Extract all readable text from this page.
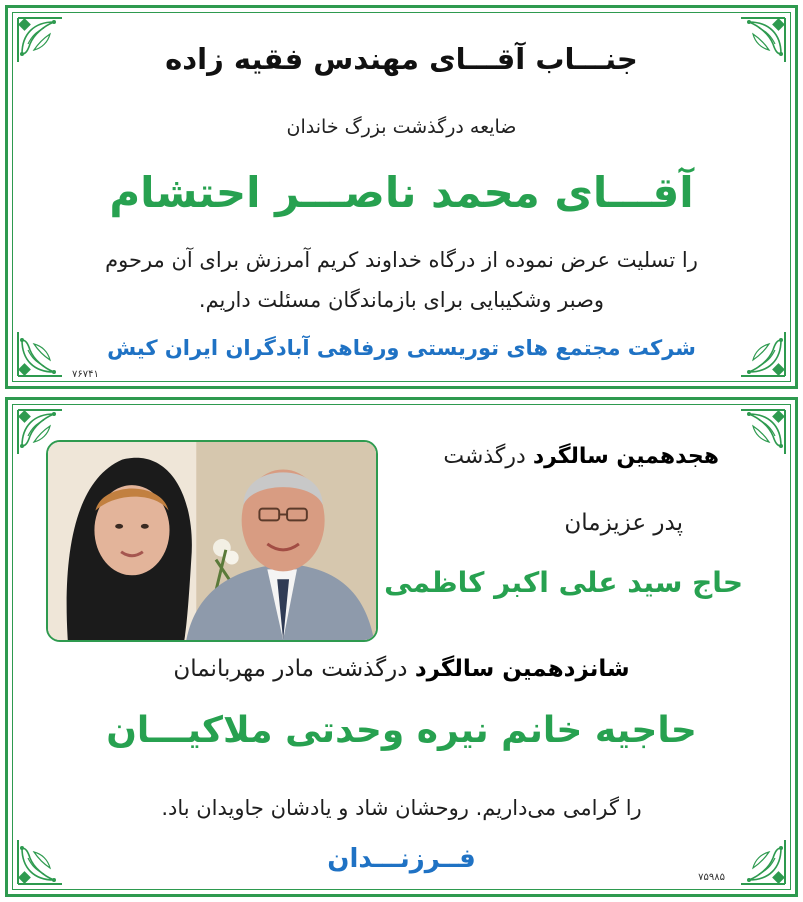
جنـــاب آقـــای مهندس فقیه زاده
ضایعه درگذشت بزرگ خاندان
آقـــای محمد ناصـــر احتشام
را تسلیت عرض نموده از درگاه خداوند کریم آمرزش برای آن مرحوم
وصبر وشکیبایی برای بازماندگان مسئلت داریم.
شرکت مجتمع های توریستی ورفاهی آبادگران ایران کیش
۷۶۷۴۱
هجدهمین سالگرد درگذشت
پدر عزیزمان
حاج سید علی اکبر کاظمی
شانزدهمین سالگرد درگذشت مادر مهربانمان
حاجیه خانم نیره وحدتی ملاکیـــان
را گرامی می‌داریم. روحشان شاد و یادشان جاویدان باد.
فــرزنـــدان
۷۵۹۸۵
